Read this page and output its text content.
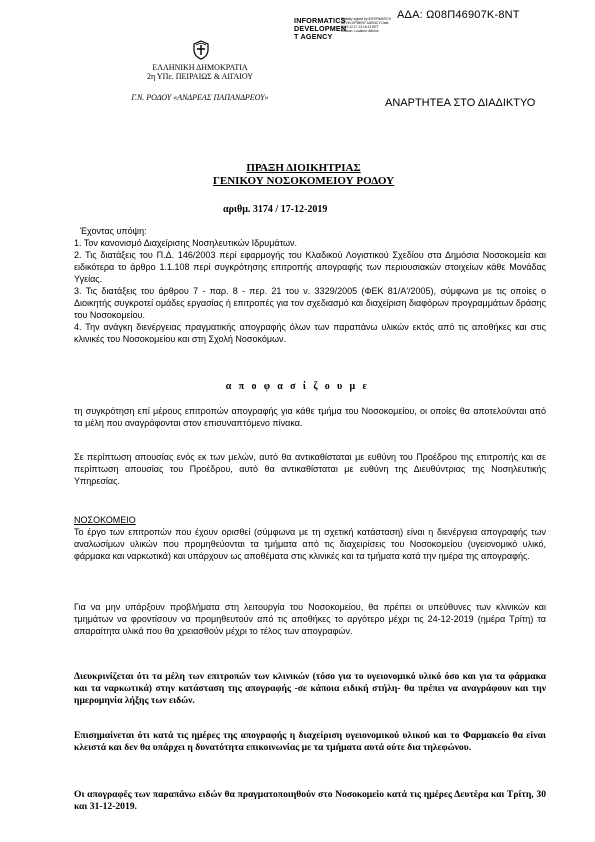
ΑΔΑ: Ω08Π46907Κ-8ΝΤ
INFORMATICS
DEVELOPMEN
T AGENCY
Digitally signed by INFORMATICS DEVELOPMENT AGENCY Date: 2019.12.17 13:16:13 EET Reason: Location: Athens
ΕΛΛΗΝΙΚΗ ΔΗΜΟΚΡΑΤΙΑ
2η ΥΠε. ΠΕΙΡΑΙΩΣ & ΑΙΓΑΙΟΥ
Γ.Ν. ΡΟΔΟΥ «ΑΝΔΡΕΑΣ ΠΑΠΑΝΔΡΕΟΥ»	ΑΝΑΡΤΗΤΕΑ ΣΤΟ ΔΙΑΔΙΚΤΥΟ
ΠΡΑΞΗ ΔΙΟΙΚΗΤΡΙΑΣ
ΓΕΝΙΚΟΥ ΝΟΣΟΚΟΜΕΙΟΥ ΡΟΔΟΥ
αριθμ. 3174 / 17-12-2019

Έχοντας υπόψη:

1. Τον κανονισμό Διαχείρισης Νοσηλευτικών Ιδρυμάτων.

2. Τις διατάξεις του Π.Δ. 146/2003 περί εφαρμογής του Κλαδικού Λογιστικού Σχεδίου στα Δημόσια Νοσοκομεία και ειδικότερα το άρθρο 1.1.108 περί συγκρότησης επιτροπής απογραφής των περιουσιακών στοιχείων κάθε Μονάδας Υγείας.

3. Τις διατάξεις του άρθρου 7 - παρ. 8 - περ. 21 του ν. 3329/2005 (ΦΕΚ 81/Α'/2005), σύμφωνα με τις οποίες ο Διοικητής συγκροτεί ομάδες εργασίας ή επιτροπές για τον σχεδιασμό και διαχείριση διαφόρων προγραμμάτων δράσης του Νοσοκομείου.

4. Την ανάγκη διενέργειας πραγματικής απογραφής όλων των παραπάνω υλικών εκτός από τις αποθήκες και στις κλινικές του Νοσοκομείου και στη Σχολή Νοσοκόμων.

α π ο φ α σ ί ζ ο υ μ ε
τη συγκρότηση επί μέρους επιτροπών απογραφής για κάθε τμήμα του Νοσοκομείου, οι οποίες θα αποτελούνται από τα μέλη που αναγράφονται στον επισυναπτόμενο πίνακα.
Σε περίπτωση απουσίας ενός εκ των μελών, αυτό θα αντικαθίσταται με ευθύνη του Προέδρου της επιτροπής και σε περίπτωση απουσίας του Προέδρου, αυτό θα αντικαθίσταται με ευθύνη της Διευθύντριας της Νοσηλευτικής Υπηρεσίας.
ΝΟΣΟΚΟΜΕΙΟ
Το έργο των επιτροπών που έχουν ορισθεί (σύμφωνα με τη σχετική κατάσταση) είναι η διενέργεια απογραφής των αναλωσίμων υλικών που προμηθεύονται τα τμήματα από τις διαχειρίσεις του Νοσοκομείου (υγειονομικό υλικό, φάρμακα και ναρκωτικά) και υπάρχουν ως αποθέματα στις κλινικές και τα τμήματα κατά την ημέρα της απογραφής.
Για να μην υπάρξουν προβλήματα στη λειτουργία του Νοσοκομείου, θα πρέπει οι υπεύθυνες των κλινικών και τμημάτων να φροντίσουν να προμηθευτούν από τις αποθήκες το αργότερο μέχρι τις 24-12-2019 (ημέρα Τρίτη) τα απαραίτητα υλικά που θα χρειασθούν μέχρι το τέλος των απογραφών.
Διευκρινίζεται ότι τα μέλη των επιτροπών των κλινικών (τόσο για το υγειονομικό υλικό όσο και για τα φάρμακα και τα ναρκωτικά) στην κατάσταση της απογραφής -σε κάποια ειδική στήλη- θα πρέπει να αναγράφουν και την ημερομηνία λήξης των ειδών.
Επισημαίνεται ότι κατά τις ημέρες της απογραφής η διαχείριση υγειονομικού υλικού και το Φαρμακείο θα είναι κλειστά και δεν θα υπάρχει η δυνατότητα επικοινωνίας με τα τμήματα αυτά ούτε δια τηλεφώνου.
Οι απογραφές των παραπάνω ειδών θα πραγματοποιηθούν στο Νοσοκομείο κατά τις ημέρες Δευτέρα και Τρίτη, 30 και 31-12-2019.
